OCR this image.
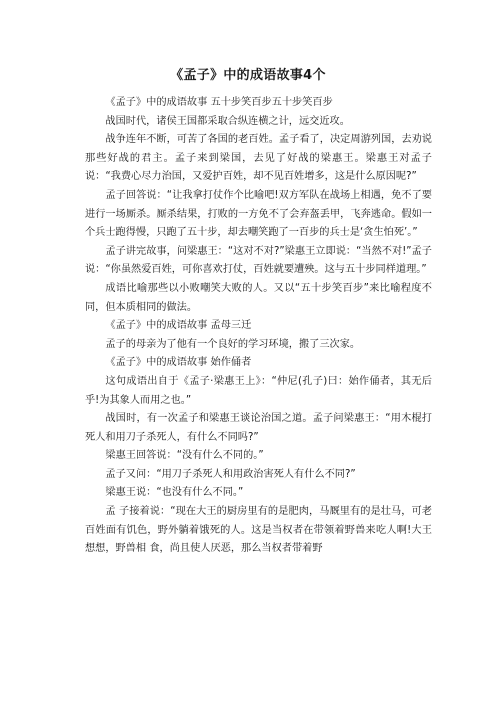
《孟子》中的成语故事4个

《孟子》中的成语故事 五十步笑百步五十步笑百步

战国时代，诸侯王国都采取合纵连横之计，远交近攻。

战争连年不断，可苦了各国的老百姓。孟子看了，决定周游列国，去劝说那些好战的君主。孟子来到梁国，去见了好战的梁惠王。梁惠王对孟子说：“我费心尽力治国，又爱护百姓，却不见百姓增多，这是什么原因呢?”

孟子回答说：“让我拿打仗作个比喻吧!双方军队在战场上相遇，免不了要进行一场厮杀。厮杀结果，打败的一方免不了会弃盔丢甲，飞奔逃命。假如一个兵士跑得慢，只跑了五十步，却去嘲笑跑了一百步的兵士是‘贪生怕死’。”

孟子讲完故事，问梁惠王：“这对不对?”梁惠王立即说：“当然不对!”孟子说：“你虽然爱百姓，可你喜欢打仗，百姓就要遭殃。这与五十步同样道理。”

成语比喻那些以小败嘲笑大败的人。又以“五十步笑百步”来比喻程度不同，但本质相同的做法。

《孟子》中的成语故事 孟母三迁

孟子的母亲为了他有一个良好的学习环境，搬了三次家。

《孟子》中的成语故事 始作俑者

这句成语出自于《孟子·梁惠王上》：“仲尼(孔子)曰：始作俑者，其无后乎!为其象人而用之也。”

战国时，有一次孟子和梁惠王谈论治国之道。孟子问梁惠王：“用木棍打死人和用刀子杀死人，有什么不同吗?”

梁惠王回答说：“没有什么不同的。”

孟子又问：“用刀子杀死人和用政治害死人有什么不同?”

梁惠王说：“也没有什么不同。”

孟 子接着说：“现在大王的厨房里有的是肥肉，马厩里有的是壮马，可老百姓面有饥色，野外躺着饿死的人。这是当权者在带领着野兽来吃人啊!大王想想，野兽相 食，尚且使人厌恶，那么当权者带着野
